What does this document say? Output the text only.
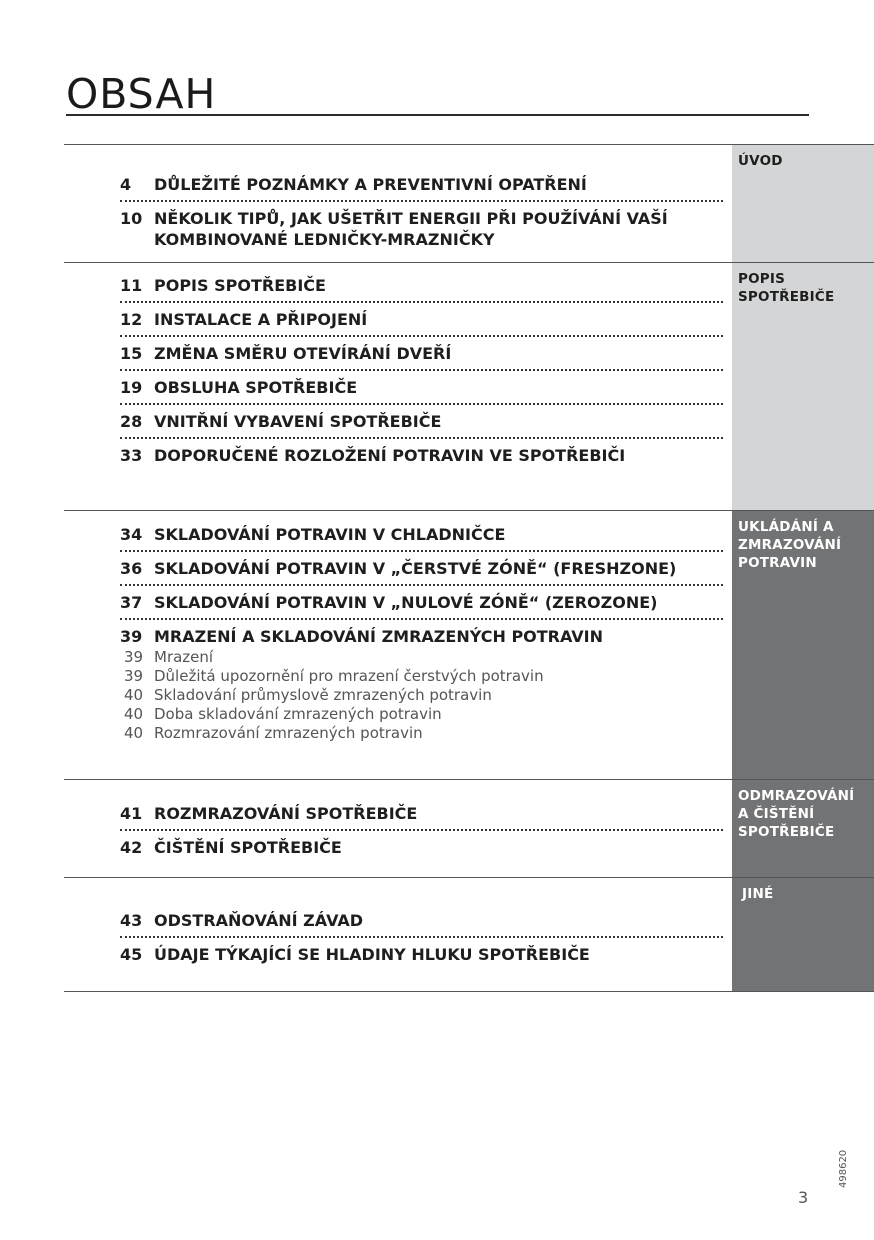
OBSAH
ÚVOD
4	DŮLEŽITÉ POZNÁMKY A PREVENTIVNÍ OPATŘENÍ
10 NĚKOLIK TIPŮ, JAK UŠETŘIT ENERGII PŘI POUŽÍVÁNÍ VAŠÍ KOMBINOVANÉ LEDNIČKY-MRAZNIČKY
POPIS SPOTŘEBIČE
11 POPIS SPOTŘEBIČE
12 INSTALACE A PŘIPOJENÍ
15 ZMĚNA SMĚRU OTEVÍRÁNÍ DVEŘÍ
19 OBSLUHA SPOTŘEBIČE
28 VNITŘNÍ VYBAVENÍ SPOTŘEBIČE
33 DOPORUČENÉ ROZLOŽENÍ POTRAVIN VE SPOTŘEBIČI
UKLÁDÁNÍ A ZMRAZOVÁNÍ POTRAVIN
34 SKLADOVÁNÍ POTRAVIN V CHLADNIČCE
36 SKLADOVÁNÍ POTRAVIN V „ČERSTVÉ ZÓNĚ“ (FRESHZONE)
37 SKLADOVÁNÍ POTRAVIN V „NULOVÉ ZÓNĚ“ (ZEROZONE)
39 MRAZENÍ A SKLADOVÁNÍ ZMRAZENÝCH POTRAVIN
39 Mrazení
39 Důležitá upozornění pro mrazení čerstvých potravin
40 Skladování průmyslově zmrazených potravin
40 Doba skladování zmrazených potravin
40 Rozmrazování zmrazených potravin
ODMRAZOVÁNÍ A ČIŠTĚNÍ SPOTŘEBIČE
41 ROZMRAZOVÁNÍ SPOTŘEBIČE
42 ČIŠTĚNÍ SPOTŘEBIČE
JINÉ
43 ODSTRAŇOVÁNÍ ZÁVAD
45 ÚDAJE TÝKAJÍCÍ SE HLADINY HLUKU SPOTŘEBIČE
498620
3
